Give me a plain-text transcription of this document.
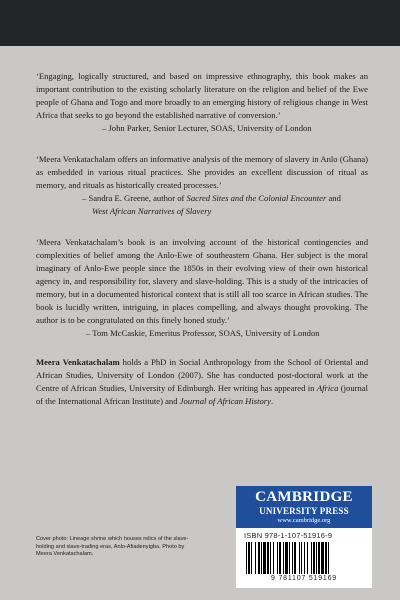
‘Engaging, logically structured, and based on impressive ethnography, this book makes an important contribution to the existing scholarly literature on the religion and belief of the Ewe people of Ghana and Togo and more broadly to an emerging history of religious change in West Africa that seeks to go beyond the established narrative of conversion.’

– John Parker, Senior Lecturer, SOAS, University of London

‘Meera Venkatachalam offers an informative analysis of the memory of slavery in Anlo (Ghana) as embedded in various ritual practices. She provides an excellent discussion of ritual as memory, and rituals as historically created processes.’

– Sandra E. Greene, author of Sacred Sites and the Colonial Encounter and
West African Narratives of Slavery

‘Meera Venkatachalam’s book is an involving account of the historical contingencies and complexities of belief among the Anlo-Ewe of southeastern Ghana. Her subject is the moral imaginary of Anlo-Ewe people since the 1850s in their evolving view of their own historical agency in, and responsibility for, slavery and slave-holding. This is a study of the intricacies of memory, but in a documented historical context that is still all too scarce in African studies. The book is lucidly written, intriguing, in places compelling, and always thought provoking. The author is to be congratulated on this finely honed study.’

– Tom McCaskie, Emeritus Professor, SOAS, University of London

Meera Venkatachalam holds a PhD in Social Anthropology from the School of Oriental and African Studies, University of London (2007). She has conducted post-doctoral work at the Centre of African Studies, University of Edinburgh. Her writing has appeared in Africa (journal of the International African Institute) and Journal of African History.

Cover photo: Lineage shrine which houses relics of the slave-holding and slave-trading eras, Anlo-Afiadenyigba. Photo by Meera Venkatachalam.
CAMBRIDGE
UNIVERSITY PRESS
www.cambridge.org
ISBN 978-1-107-51916-9
9 781107 519169
